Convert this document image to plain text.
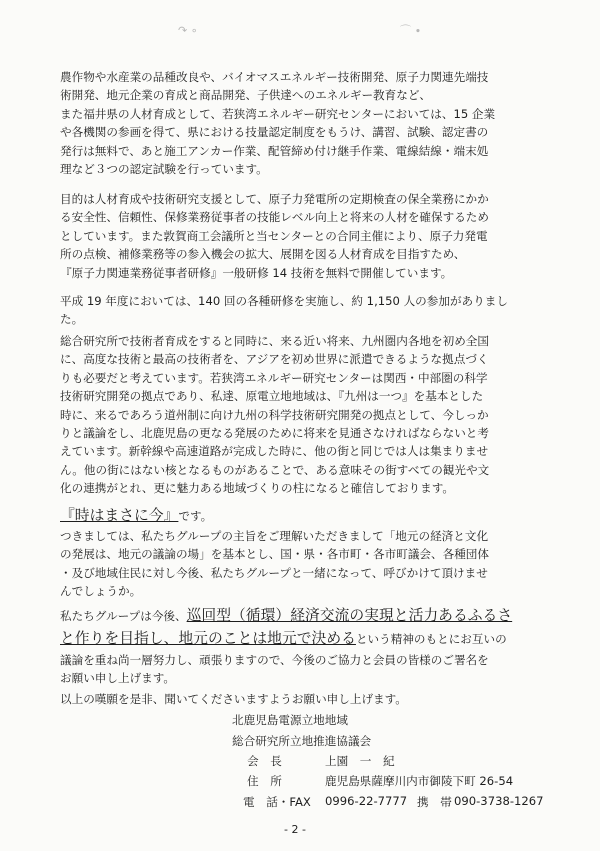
↷ ∘	⌒ ∙
農作物や水産業の品種改良や、バイオマスエネルギー技術開発、原子力関連先端技
術開発、地元企業の育成と商品開発、子供達へのエネルギー教育など、
また福井県の人材育成として、若狭湾エネルギー研究センターにおいては、15 企業
や各機関の参画を得て、県における技量認定制度をもうけ、講習、試験、認定書の
発行は無料で、あと施工アンカー作業、配管締め付け継手作業、電線結線・端末処
理など３つの認定試験を行っています。
目的は人材育成や技術研究支援として、原子力発電所の定期検査の保全業務にかか
る安全性、信頼性、保修業務従事者の技能レベル向上と将来の人材を確保するため
としています。また敦賀商工会議所と当センターとの合同主催により、原子力発電
所の点検、補修業務等の参入機会の拡大、展開を図る人材育成を目指すため、
『原子力関連業務従事者研修』一般研修 14 技術を無料で開催しています。
平成 19 年度においては、140 回の各種研修を実施し、約 1,150 人の参加がありまし
た。
総合研究所で技術者育成をすると同時に、来る近い将来、九州圏内各地を初め全国
に、高度な技術と最高の技術者を、アジアを初め世界に派遣できるような拠点づく
りも必要だと考えています。若狭湾エネルギー研究センターは関西・中部圏の科学
技術研究開発の拠点であり、私達、原電立地地域は、『九州は一つ』を基本とした
時に、来るであろう道州制に向け九州の科学技術研究開発の拠点として、今しっか
りと議論をし、北鹿児島の更なる発展のために将来を見通さなければならないと考
えています。新幹線や高速道路が完成した時に、他の街と同じでは人は集まりませ
ん。他の街にはない核となるものがあることで、ある意味その街すべての観光や文
化の連携がとれ、更に魅力ある地域づくりの柱になると確信しております。
『時はまさに今』です。
つきましては、私たちグループの主旨をご理解いただきまして「地元の経済と文化
の発展は、地元の議論の場」を基本とし、国・県・各市町・各市町議会、各種団体
・及び地域住民に対し今後、私たちグループと一緒になって、呼びかけて頂けませ
んでしょうか。
私たちグループは今後、巡回型（循環）経済交流の実現と活力あるふるさ
と作りを目指し、地元のことは地元で決めるという精神のもとにお互いの
議論を重ね尚一層努力し、頑張りますので、今後のご協力と会員の皆様のご署名を
お願い申し上げます。
以上の嘆願を是非、聞いてくださいますようお願い申し上げます。
北鹿児島電源立地地域
総合研究所立地推進協議会
会　長	上園　一　紀
住　所	鹿児島県薩摩川内市御陵下町 26-54
電　話・FAX 0996-22-7777 携　帯 090-3738-1267
- 2 -
